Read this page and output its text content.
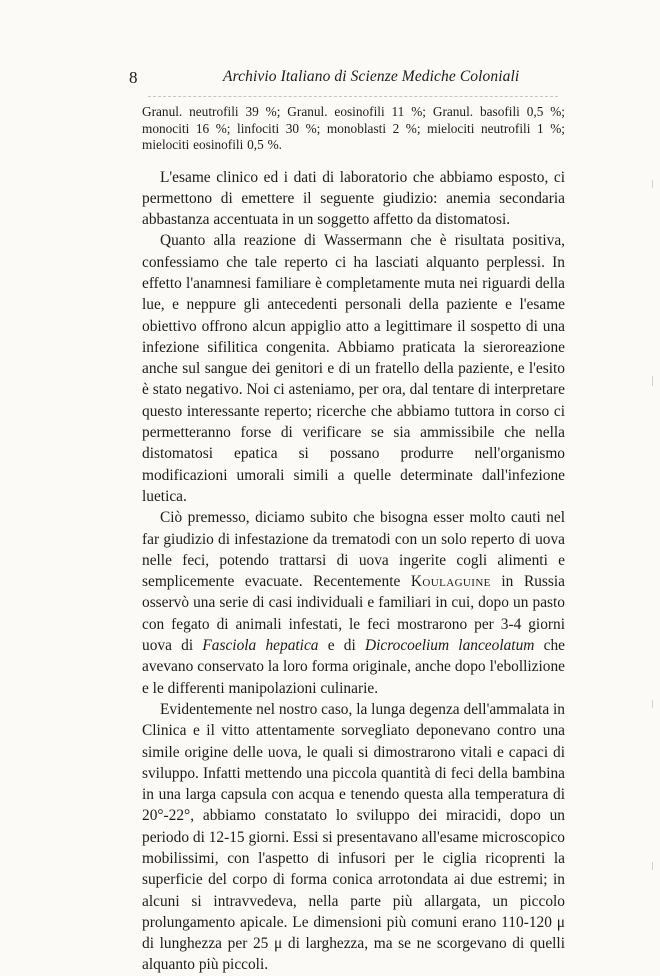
8	Archivio Italiano di Scienze Mediche Coloniali

Granul. neutrofili 39 %; Granul. eosinofili 11 %; Granul. basofili 0,5 %; monociti 16 %; linfociti 30 %; monoblasti 2 %; mielociti neutrofili 1 %; mielociti eosinofili 0,5 %.

L'esame clinico ed i dati di laboratorio che abbiamo esposto, ci permettono di emettere il seguente giudizio: anemia secondaria abbastanza accentuata in un soggetto affetto da distomatosi.

Quanto alla reazione di Wassermann che è risultata positiva, confessiamo che tale reperto ci ha lasciati alquanto perplessi. In effetto l'anamnesi familiare è completamente muta nei riguardi della lue, e neppure gli antecedenti personali della paziente e l'esame obiettivo offrono alcun appiglio atto a legittimare il sospetto di una infezione sifilitica congenita. Abbiamo praticata la sieroreazione anche sul sangue dei genitori e di un fratello della paziente, e l'esito è stato negativo. Noi ci asteniamo, per ora, dal tentare di interpretare questo interessante reperto; ricerche che abbiamo tuttora in corso ci permetteranno forse di verificare se sia ammissibile che nella distomatosi epatica si possano produrre nell'organismo modificazioni umorali simili a quelle determinate dall'infezione luetica.

Ciò premesso, diciamo subito che bisogna esser molto cauti nel far giudizio di infestazione da trematodi con un solo reperto di uova nelle feci, potendo trattarsi di uova ingerite cogli alimenti e semplicemente evacuate. Recentemente Koulaguine in Russia osservò una serie di casi individuali e familiari in cui, dopo un pasto con fegato di animali infestati, le feci mostrarono per 3-4 giorni uova di Fasciola hepatica e di Dicrocoelium lanceolatum che avevano conservato la loro forma originale, anche dopo l'ebollizione e le differenti manipolazioni culinarie.

Evidentemente nel nostro caso, la lunga degenza dell'ammalata in Clinica e il vitto attentamente sorvegliato deponevano contro una simile origine delle uova, le quali si dimostrarono vitali e capaci di sviluppo. Infatti mettendo una piccola quantità di feci della bambina in una larga capsula con acqua e tenendo questa alla temperatura di 20°-22°, abbiamo constatato lo sviluppo dei miracidi, dopo un periodo di 12-15 giorni. Essi si presentavano all'esame microscopico mobilissimi, con l'aspetto di infusori per le ciglia ricoprenti la superficie del corpo di forma conica arrotondata ai due estremi; in alcuni si intravvedeva, nella parte più allargata, un piccolo prolungamento apicale. Le dimensioni più comuni erano 110-120 μ di lunghezza per 25 μ di larghezza, ma se ne scorgevano di quelli alquanto più piccoli.
